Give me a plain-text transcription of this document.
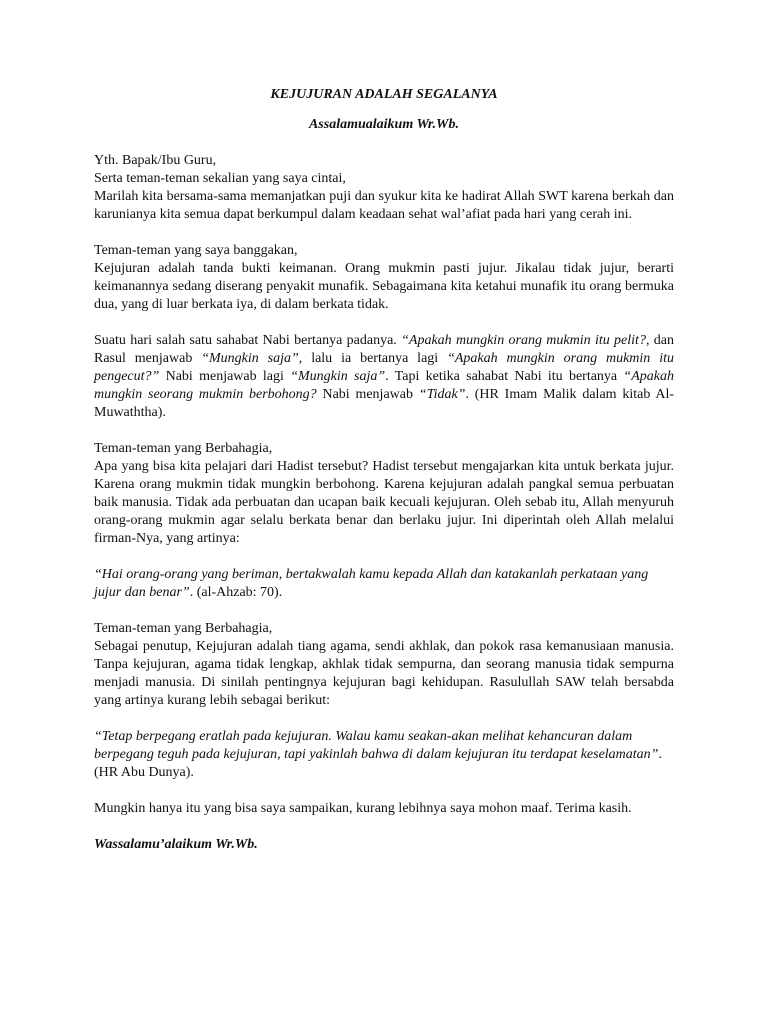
KEJUJURAN ADALAH SEGALANYA
Assalamualaikum Wr.Wb.

Yth. Bapak/Ibu Guru,

Serta teman-teman sekalian yang saya cintai,

Marilah kita bersama-sama memanjatkan puji dan syukur kita ke hadirat Allah SWT karena berkah dan karunianya kita semua dapat berkumpul dalam keadaan sehat wal’afiat pada hari yang cerah ini.

Teman-teman yang saya banggakan,

Kejujuran adalah tanda bukti keimanan. Orang mukmin pasti jujur. Jikalau tidak jujur, berarti keimanannya sedang diserang penyakit munafik. Sebagaimana kita ketahui munafik itu orang bermuka dua, yang di luar berkata iya, di dalam berkata tidak.

Suatu hari salah satu sahabat Nabi bertanya padanya. “Apakah mungkin orang mukmin itu pelit?, dan Rasul menjawab “Mungkin saja”, lalu ia bertanya lagi “Apakah mungkin orang mukmin itu pengecut?” Nabi menjawab lagi “Mungkin saja”. Tapi ketika sahabat Nabi itu bertanya “Apakah mungkin seorang mukmin berbohong? Nabi menjawab “Tidak”. (HR Imam Malik dalam kitab Al-Muwaththa).

Teman-teman yang Berbahagia,

Apa yang bisa kita pelajari dari Hadist tersebut? Hadist tersebut mengajarkan kita untuk berkata jujur. Karena orang mukmin tidak mungkin berbohong. Karena kejujuran adalah pangkal semua perbuatan baik manusia. Tidak ada perbuatan dan ucapan baik kecuali kejujuran. Oleh sebab itu, Allah menyuruh orang-orang mukmin agar selalu berkata benar dan berlaku jujur. Ini diperintah oleh Allah melalui firman-Nya, yang artinya:

“Hai orang-orang yang beriman, bertakwalah kamu kepada Allah dan katakanlah perkataan yang jujur dan benar”. (al-Ahzab: 70).

Teman-teman yang Berbahagia,

Sebagai penutup, Kejujuran adalah tiang agama, sendi akhlak, dan pokok rasa kemanusiaan manusia. Tanpa kejujuran, agama tidak lengkap, akhlak tidak sempurna, dan seorang manusia tidak sempurna menjadi manusia. Di sinilah pentingnya kejujuran bagi kehidupan. Rasulullah SAW telah bersabda yang artinya kurang lebih sebagai berikut:

“Tetap berpegang eratlah pada kejujuran. Walau kamu seakan-akan melihat kehancuran dalam berpegang teguh pada kejujuran, tapi yakinlah bahwa di dalam kejujuran itu terdapat keselamatan”. (HR Abu Dunya).

Mungkin hanya itu yang bisa saya sampaikan, kurang lebihnya saya mohon maaf. Terima kasih.

Wassalamu’alaikum Wr.Wb.
